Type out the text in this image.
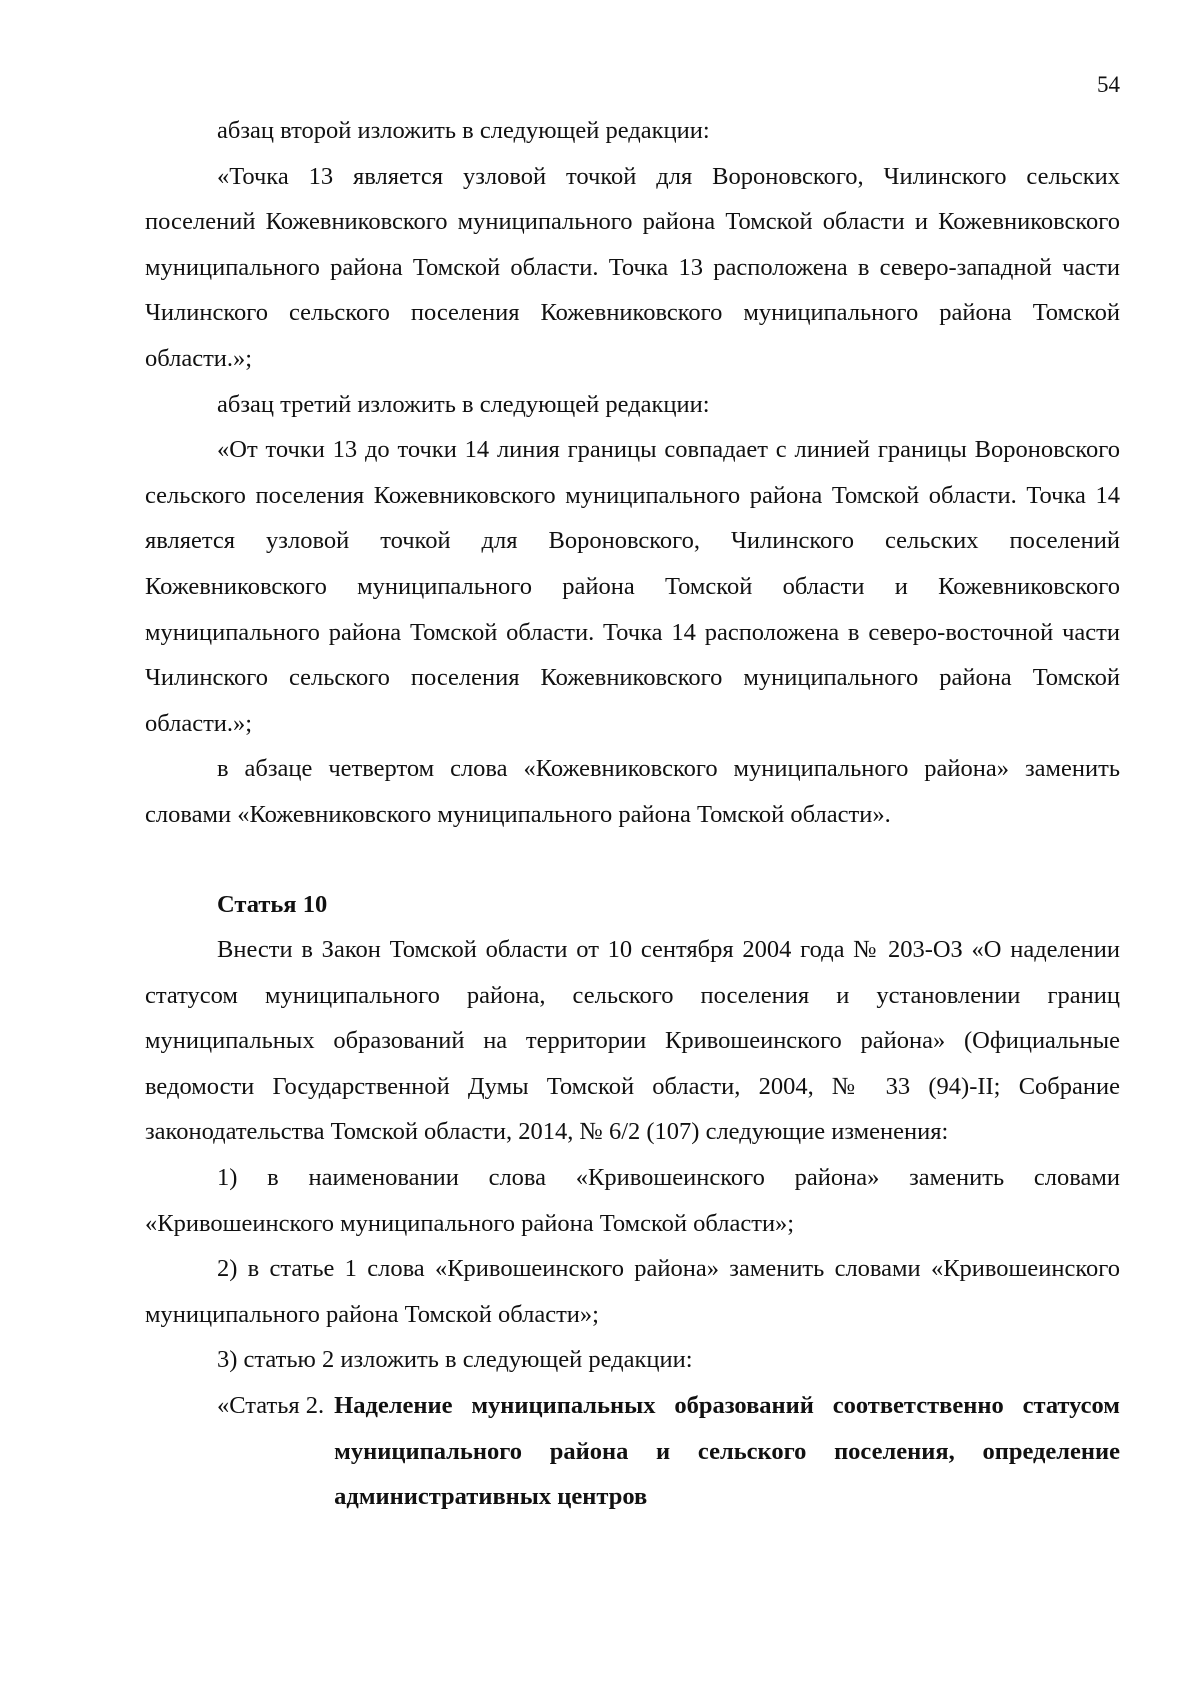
54

абзац второй изложить в следующей редакции:

«Точка 13 является узловой точкой для Вороновского, Чилинского сельских поселений Кожевниковского муниципального района Томской области и Кожевниковского муниципального района Томской области. Точка 13 расположена в северо-западной части Чилинского сельского поселения Кожевниковского муниципального района Томской области.»;

абзац третий изложить в следующей редакции:

«От точки 13 до точки 14 линия границы совпадает с линией границы Вороновского сельского поселения Кожевниковского муниципального района Томской области. Точка 14 является узловой точкой для Вороновского, Чилинского сельских поселений Кожевниковского муниципального района Томской области и Кожевниковского муниципального района Томской области. Точка 14 расположена в северо-восточной части Чилинского сельского поселения Кожевниковского муниципального района Томской области.»;

в абзаце четвертом слова «Кожевниковского муниципального района» заменить словами «Кожевниковского муниципального района Томской области».

Статья 10

Внести в Закон Томской области от 10 сентября 2004 года № 203-ОЗ «О наделении статусом муниципального района, сельского поселения и установлении границ муниципальных образований на территории Кривошеинского района» (Официальные ведомости Государственной Думы Томской области, 2004, № 33 (94)-II; Собрание законодательства Томской области, 2014, № 6/2 (107) следующие изменения:

1) в наименовании слова «Кривошеинского района» заменить словами «Кривошеинского муниципального района Томской области»;

2) в статье 1 слова «Кривошеинского района» заменить словами «Кривошеинского муниципального района Томской области»;

3) статью 2 изложить в следующей редакции:

«Статья 2. Наделение муниципальных образований соответственно статусом муниципального района и сельского поселения, определение административных центров
